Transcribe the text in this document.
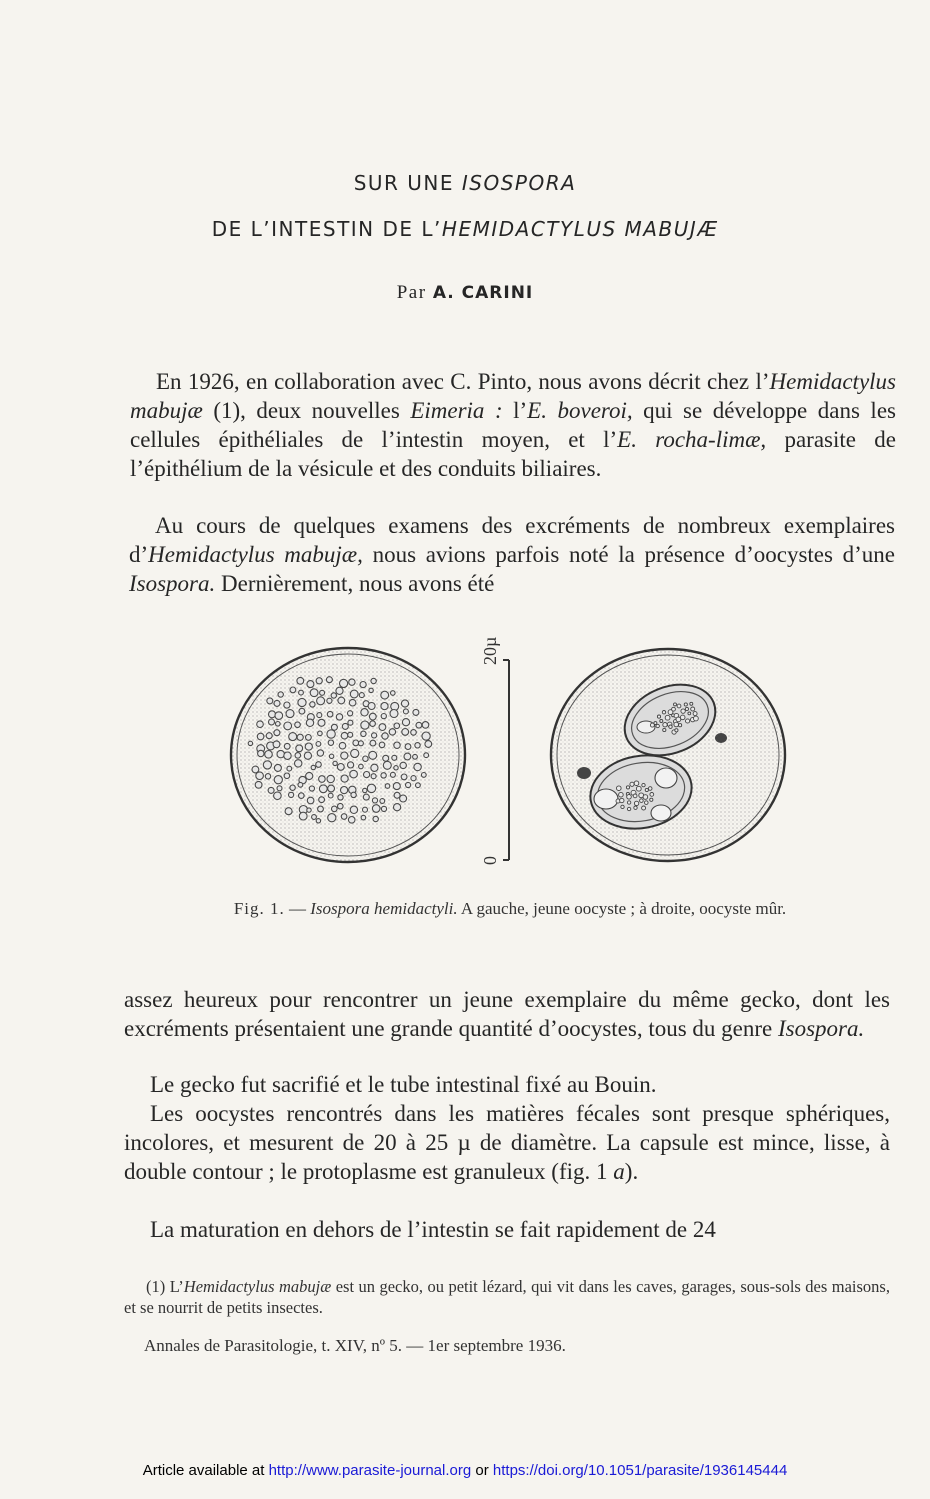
SUR UNE ISOSPORA
DE L’INTESTIN DE L’HEMIDACTYLUS MABUJÆ
Par A. CARINI

En 1926, en collaboration avec C. Pinto, nous avons décrit chez l’Hemidactylus mabujæ (1), deux nouvelles Eimeria : l’E. boveroi, qui se développe dans les cellules épithéliales de l’intestin moyen, et l’E. rocha-limæ, parasite de l’épithélium de la vésicule et des conduits biliaires.

Au cours de quelques examens des excréments de nombreux exemplaires d’Hemidactylus mabujæ, nous avions parfois noté la présence d’oocystes d’une Isospora. Dernièrement, nous avons été

20µ
0
Fig. 1. — Isospora hemidactyli. A gauche, jeune oocyste ; à droite, oocyste mûr.

assez heureux pour rencontrer un jeune exemplaire du même gecko, dont les excréments présentaient une grande quantité d’oocystes, tous du genre Isospora.

Le gecko fut sacrifié et le tube intestinal fixé au Bouin.

Les oocystes rencontrés dans les matières fécales sont presque sphériques, incolores, et mesurent de 20 à 25 µ de diamètre. La capsule est mince, lisse, à double contour ; le protoplasme est granuleux (fig. 1 a).

La maturation en dehors de l’intestin se fait rapidement de 24

(1) L’Hemidactylus mabujæ est un gecko, ou petit lézard, qui vit dans les caves, garages, sous-sols des maisons, et se nourrit de petits insectes.

Annales de Parasitologie, t. XIV, nº 5. — 1er septembre 1936.
Article available at http://www.parasite-journal.org or https://doi.org/10.1051/parasite/1936145444
